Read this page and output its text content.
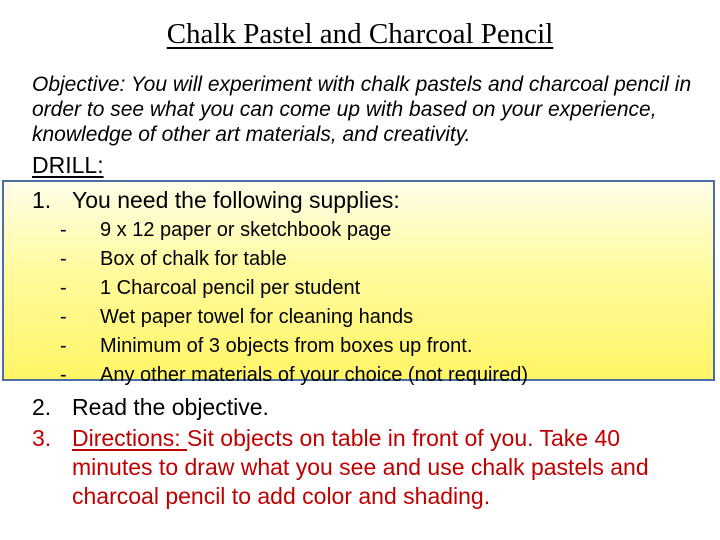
Chalk Pastel and Charcoal Pencil
Objective: You will experiment with chalk pastels and charcoal pencil in order to see what you can come up with based on your experience, knowledge of other art materials, and creativity.
DRILL:
1. You need the following supplies:
- 9 x 12 paper or sketchbook page
- Box of chalk for table
- 1 Charcoal pencil per student
- Wet paper towel for cleaning hands
- Minimum of 3 objects from boxes up front.
- Any other materials of your choice (not required)
2. Read the objective.
3. Directions: Sit objects on table in front of you. Take 40 minutes to draw what you see and use chalk pastels and charcoal pencil to add color and shading.
